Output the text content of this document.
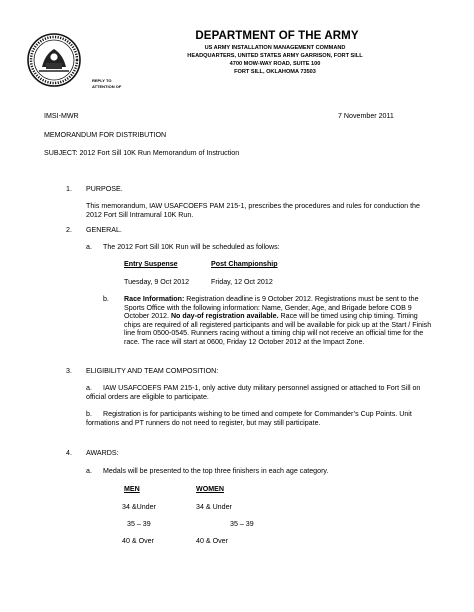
DEPARTMENT OF THE ARMY
US ARMY INSTALLATION MANAGEMENT COMMAND
HEADQUARTERS, UNITED STATES ARMY GARRISON, FORT SILL
4700 MOW-WAY ROAD, SUITE 100
FORT SILL, OKLAHOMA 73503
REPLY TO
ATTENTION OF
IMSI-MWR	7 November 2011
MEMORANDUM FOR DISTRIBUTION
SUBJECT: 2012 Fort Sill 10K Run Memorandum of Instruction
1. PURPOSE.
This memorandum, IAW USAFCOEFS PAM 215-1, prescribes the procedures and rules for conduction the 2012 Fort Sill Intramural 10K Run.
2. GENERAL.
a. The 2012 Fort Sill 10K Run will be scheduled as follows:
Entry Suspense	Post Championship
Tuesday, 9 Oct 2012	Friday, 12 Oct 2012
b. Race Information: Registration deadline is 9 October 2012. Registrations must be sent to the Sports Office with the following information: Name, Gender, Age, and Brigade before COB 9 October 2012. No day-of registration available. Race will be timed using chip timing. Timing chips are required of all registered participants and will be available for pick up at the Start / Finish line from 0500-0545. Runners racing without a timing chip will not receive an official time for the race. The race will start at 0600, Friday 12 October 2012 at the Impact Zone.
3. ELIGIBILITY AND TEAM COMPOSITION:
a.	IAW USAFCOEFS PAM 215-1, only active duty military personnel assigned or attached to Fort Sill on official orders are eligible to participate.
b.	Registration is for participants wishing to be timed and compete for Commander’s Cup Points. Unit formations and PT runners do not need to register, but may still participate.
4. AWARDS:
a. Medals will be presented to the top three finishers in each age category.
MEN	WOMEN
34 &Under	34 & Under
35 – 39	35 – 39
40 & Over	40 & Over
